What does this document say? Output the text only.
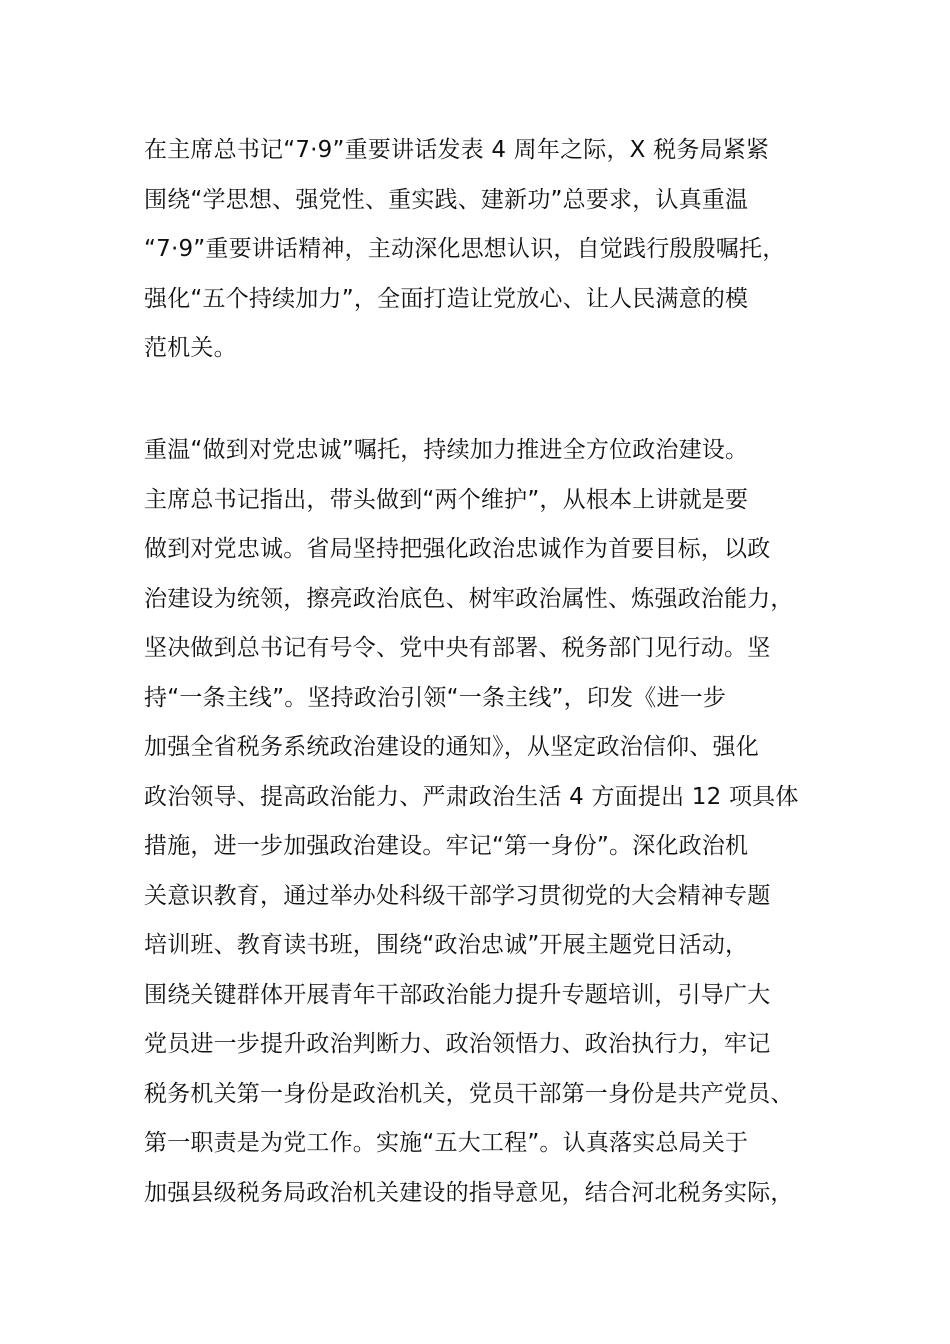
在主席总书记“7·9”重要讲话发表 4 周年之际，X 税务局紧紧
围绕“学思想、强党性、重实践、建新功”总要求，认真重温
“7·9”重要讲话精神，主动深化思想认识，自觉践行殷殷嘱托，
强化“五个持续加力”，全面打造让党放心、让人民满意的模
范机关。
重温“做到对党忠诚”嘱托，持续加力推进全方位政治建设。
主席总书记指出，带头做到“两个维护”，从根本上讲就是要
做到对党忠诚。省局坚持把强化政治忠诚作为首要目标，以政
治建设为统领，擦亮政治底色、树牢政治属性、炼强政治能力，
坚决做到总书记有号令、党中央有部署、税务部门见行动。坚
持“一条主线”。坚持政治引领“一条主线”，印发《进一步
加强全省税务系统政治建设的通知》，从坚定政治信仰、强化
政治领导、提高政治能力、严肃政治生活 4 方面提出 12 项具体
措施，进一步加强政治建设。牢记“第一身份”。深化政治机
关意识教育，通过举办处科级干部学习贯彻党的大会精神专题
培训班、教育读书班，围绕“政治忠诚”开展主题党日活动，
围绕关键群体开展青年干部政治能力提升专题培训，引导广大
党员进一步提升政治判断力、政治领悟力、政治执行力，牢记
税务机关第一身份是政治机关，党员干部第一身份是共产党员、
第一职责是为党工作。实施“五大工程”。认真落实总局关于
加强县级税务局政治机关建设的指导意见，结合河北税务实际，
